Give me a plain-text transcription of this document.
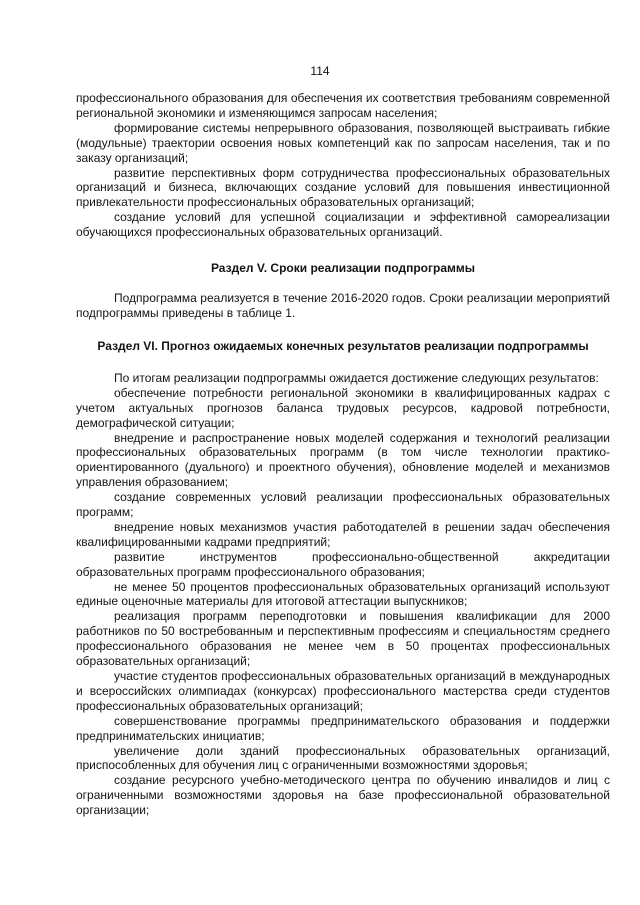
114

профессионального образования для обеспечения их соответствия требованиям современной региональной экономики и изменяющимся запросам населения;

формирование системы непрерывного образования, позволяющей выстраивать гибкие (модульные) траектории освоения новых компетенций как по запросам населения, так и по заказу организаций;

развитие перспективных форм сотрудничества профессиональных образовательных организаций и бизнеса, включающих создание условий для повышения инвестиционной привлекательности профессиональных образовательных организаций;

создание условий для успешной социализации и эффективной самореализации обучающихся профессиональных образовательных организаций.

Раздел V. Сроки реализации подпрограммы

Подпрограмма реализуется в течение 2016-2020 годов. Сроки реализации мероприятий подпрограммы приведены в таблице 1.

Раздел VI. Прогноз ожидаемых конечных результатов реализации подпрограммы

По итогам реализации подпрограммы ожидается достижение следующих результатов:

обеспечение потребности региональной экономики в квалифицированных кадрах с учетом актуальных прогнозов баланса трудовых ресурсов, кадровой потребности, демографической ситуации;

внедрение и распространение новых моделей содержания и технологий реализации профессиональных образовательных программ (в том числе технологии практико-ориентированного (дуального) и проектного обучения), обновление моделей и механизмов управления образованием;

создание современных условий реализации профессиональных образовательных программ;

внедрение новых механизмов участия работодателей в решении задач обеспечения квалифицированными кадрами предприятий;

развитие инструментов профессионально-общественной аккредитации образовательных программ профессионального образования;

не менее 50 процентов профессиональных образовательных организаций используют единые оценочные материалы для итоговой аттестации выпускников;

реализация программ переподготовки и повышения квалификации для 2000 работников по 50 востребованным и перспективным профессиям и специальностям среднего профессионального образования не менее чем в 50 процентах профессиональных образовательных организаций;

участие студентов профессиональных образовательных организаций в международных и всероссийских олимпиадах (конкурсах) профессионального мастерства среди студентов профессиональных образовательных организаций;

совершенствование программы предпринимательского образования и поддержки предпринимательских инициатив;

увеличение доли зданий профессиональных образовательных организаций, приспособленных для обучения лиц с ограниченными возможностями здоровья;

создание ресурсного учебно-методического центра по обучению инвалидов и лиц с ограниченными возможностями здоровья на базе профессиональной образовательной организации;
